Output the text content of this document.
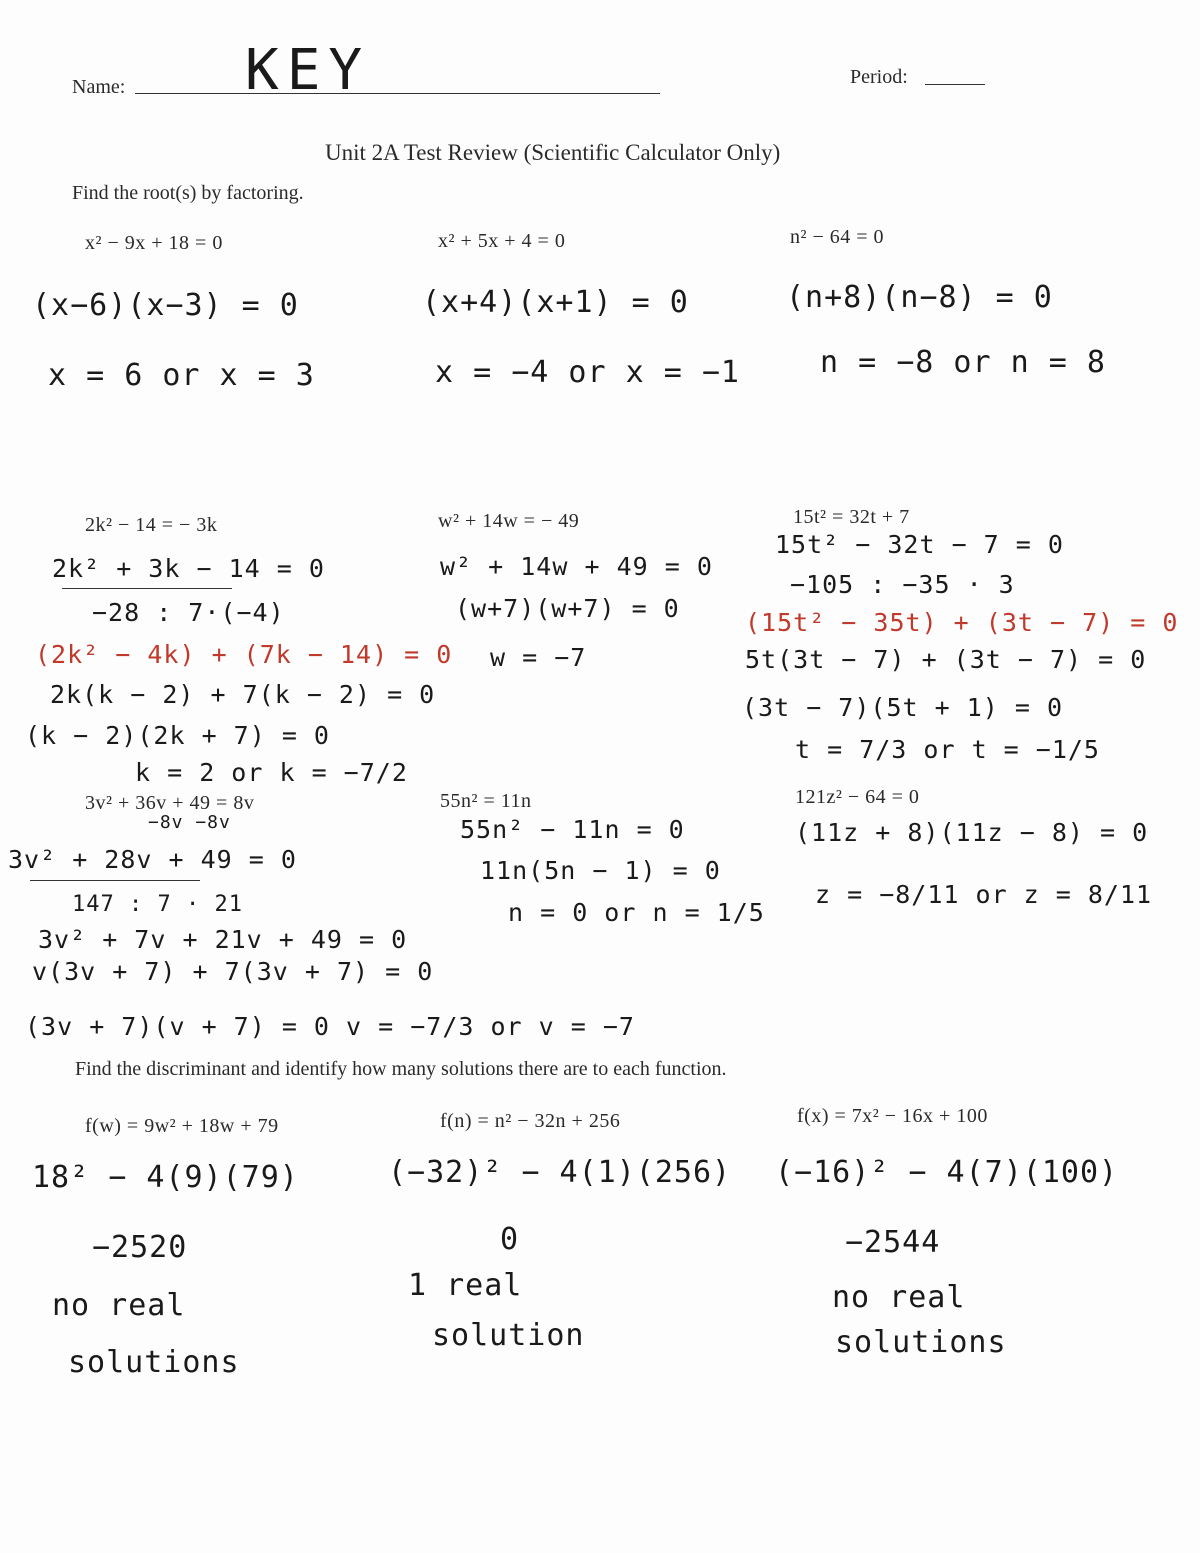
Name: KEY	Period:
Unit 2A Test Review (Scientific Calculator Only)
Find the root(s) by factoring.
x² − 9x + 18 = 0
(x−6)(x−3) = 0
x = 6 or x = 3
x² + 5x + 4 = 0
(x+4)(x+1) = 0
x = −4 or x = −1
n² − 64 = 0
(n+8)(n−8) = 0
n = −8 or n = 8
2k² − 14 = − 3k
2k² + 3k − 14 = 0
−28 : 7·(−4)
(2k² − 4k) + (7k − 14) = 0
2k(k − 2) + 7(k − 2) = 0
(k − 2)(2k + 7) = 0
k = 2 or k = −7/2
w² + 14w = − 49
w² + 14w + 49 = 0
(w+7)(w+7) = 0
w = −7
15t² = 32t + 7
15t² − 32t − 7 = 0
−105 : −35 · 3
(15t² − 35t) + (3t − 7) = 0
5t(3t − 7) + (3t − 7) = 0
(3t − 7)(5t + 1) = 0
t = 7/3 or t = −1/5
3v² + 36v + 49 = 8v
−8v −8v
3v² + 28v + 49 = 0
147 : 7 · 21
3v² + 7v + 21v + 49 = 0
v(3v + 7) + 7(3v + 7) = 0
(3v + 7)(v + 7) = 0 v = −7/3 or v = −7
55n² = 11n
55n² − 11n = 0
11n(5n − 1) = 0
n = 0 or n = 1/5
121z² − 64 = 0
(11z + 8)(11z − 8) = 0
z = −8/11 or z = 8/11
Find the discriminant and identify how many solutions there are to each function.
f(w) = 9w² + 18w + 79
18² − 4(9)(79)
−2520
no real
solutions
f(n) = n² − 32n + 256
(−32)² − 4(1)(256)
0
1 real
solution
f(x) = 7x² − 16x + 100
(−16)² − 4(7)(100)
−2544
no real
solutions
